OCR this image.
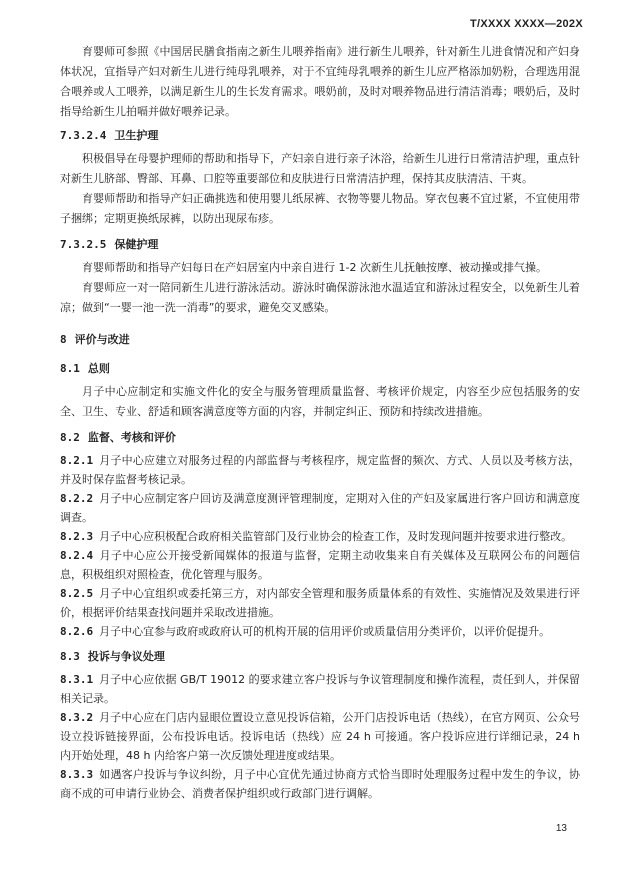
T/XXXX XXXX—202X

育婴师可参照《中国居民膳食指南之新生儿喂养指南》进行新生儿喂养，针对新生儿进食情况和产妇身体状况，宜指导产妇对新生儿进行纯母乳喂养，对于不宜纯母乳喂养的新生儿应严格添加奶粉，合理选用混合喂养或人工喂养，以满足新生儿的生长发育需求。喂奶前，及时对喂养物品进行清洁消毒；喂奶后，及时指导给新生儿拍嗝并做好喂养记录。

7.3.2.4 卫生护理

积极倡导在母婴护理师的帮助和指导下，产妇亲自进行亲子沐浴，给新生儿进行日常清洁护理，重点针对新生儿脐部、臀部、耳鼻、口腔等重要部位和皮肤进行日常清洁护理，保持其皮肤清洁、干爽。

育婴师帮助和指导产妇正确挑选和使用婴儿纸尿裤、衣物等婴儿物品。穿衣包裹不宜过紧，不宜使用带子捆绑；定期更换纸尿裤，以防出现尿布疹。

7.3.2.5 保健护理

育婴师帮助和指导产妇每日在产妇居室内中亲自进行 1-2 次新生儿抚触按摩、被动操或排气操。

育婴师应一对一陪同新生儿进行游泳活动。游泳时确保游泳池水温适宜和游泳过程安全，以免新生儿着凉；做到“一婴一池一洗一消毒”的要求，避免交叉感染。

8 评价与改进
8.1 总则

月子中心应制定和实施文件化的安全与服务管理质量监督、考核评价规定，内容至少应包括服务的安全、卫生、专业、舒适和顾客满意度等方面的内容，并制定纠正、预防和持续改进措施。

8.2 监督、考核和评价

8.2.1 月子中心应建立对服务过程的内部监督与考核程序，规定监督的频次、方式、人员以及考核方法，并及时保存监督考核记录。

8.2.2 月子中心应制定客户回访及满意度测评管理制度，定期对入住的产妇及家属进行客户回访和满意度调查。

8.2.3 月子中心应积极配合政府相关监管部门及行业协会的检查工作，及时发现问题并按要求进行整改。

8.2.4 月子中心应公开接受新闻媒体的报道与监督，定期主动收集来自有关媒体及互联网公布的问题信息，积极组织对照检查，优化管理与服务。

8.2.5 月子中心宜组织或委托第三方，对内部安全管理和服务质量体系的有效性、实施情况及效果进行评价，根据评价结果查找问题并采取改进措施。

8.2.6 月子中心宜参与政府或政府认可的机构开展的信用评价或质量信用分类评价，以评价促提升。

8.3 投诉与争议处理

8.3.1 月子中心应依据 GB/T 19012 的要求建立客户投诉与争议管理制度和操作流程，责任到人，并保留相关记录。

8.3.2 月子中心应在门店内显眼位置设立意见投诉信箱，公开门店投诉电话（热线），在官方网页、公众号设立投诉链接界面，公布投诉电话。投诉电话（热线）应 24 h 可接通。客户投诉应进行详细记录，24 h 内开始处理，48 h 内给客户第一次反馈处理进度或结果。

8.3.3 如遇客户投诉与争议纠纷，月子中心宜优先通过协商方式恰当即时处理服务过程中发生的争议，协商不成的可申请行业协会、消费者保护组织或行政部门进行调解。

13
